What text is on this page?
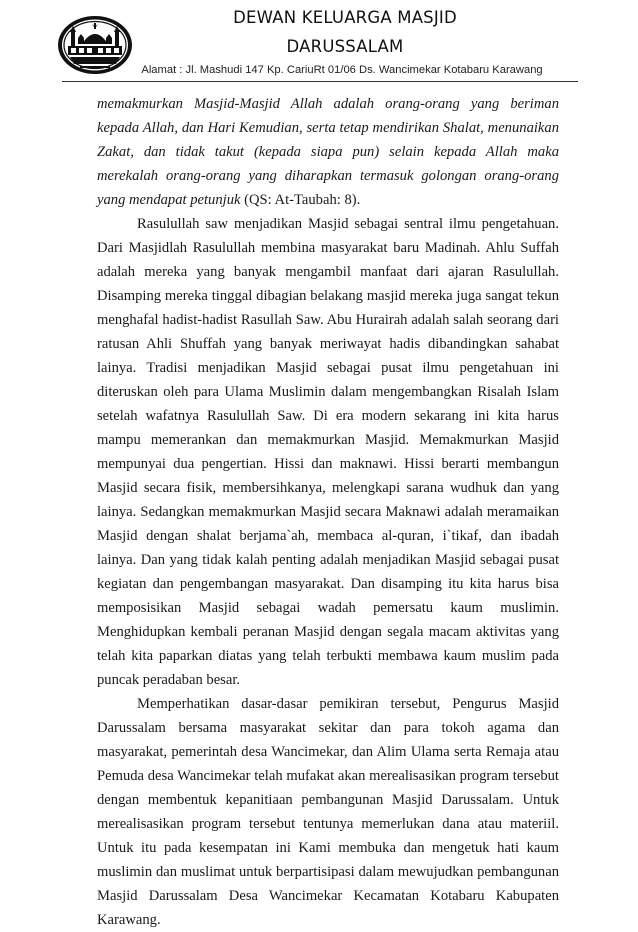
DEWAN KELUARGA MASJID
DARUSSALAM
Alamat : Jl. Mashudi 147 Kp. CariuRt 01/06 Ds. Wancimekar Kotabaru Karawang

memakmurkan Masjid-Masjid Allah adalah orang-orang yang beriman kepada Allah, dan Hari Kemudian, serta tetap mendirikan Shalat, menunaikan Zakat, dan tidak takut (kepada siapa pun) selain kepada Allah maka merekalah orang-orang yang diharapkan termasuk golongan orang-orang yang mendapat petunjuk (QS: At-Taubah: 8).

Rasulullah saw menjadikan Masjid sebagai sentral ilmu pengetahuan. Dari Masjidlah Rasulullah membina masyarakat baru Madinah. Ahlu Suffah adalah mereka yang banyak mengambil manfaat dari ajaran Rasulullah. Disamping mereka tinggal dibagian belakang masjid mereka juga sangat tekun menghafal hadist-hadist Rasullah Saw. Abu Hurairah adalah salah seorang dari ratusan Ahli Shuffah yang banyak meriwayat hadis dibandingkan sahabat lainya. Tradisi menjadikan Masjid sebagai pusat ilmu pengetahuan ini diteruskan oleh para Ulama Muslimin dalam mengembangkan Risalah Islam setelah wafatnya Rasulullah Saw. Di era modern sekarang ini kita harus mampu memerankan dan memakmurkan Masjid. Memakmurkan Masjid mempunyai dua pengertian. Hissi dan maknawi. Hissi berarti membangun Masjid secara fisik, membersihkanya, melengkapi sarana wudhuk dan yang lainya. Sedangkan memakmurkan Masjid secara Maknawi adalah meramaikan Masjid dengan shalat berjama`ah, membaca al-quran, i`tikaf, dan ibadah lainya. Dan yang tidak kalah penting adalah menjadikan Masjid sebagai pusat kegiatan dan pengembangan masyarakat. Dan disamping itu kita harus bisa memposisikan Masjid sebagai wadah pemersatu kaum muslimin. Menghidupkan kembali peranan Masjid dengan segala macam aktivitas yang telah kita paparkan diatas yang telah terbukti membawa kaum muslim pada puncak peradaban besar.

Memperhatikan dasar-dasar pemikiran tersebut, Pengurus Masjid Darussalam bersama masyarakat sekitar dan para tokoh agama dan masyarakat, pemerintah desa Wancimekar, dan Alim Ulama serta Remaja atau Pemuda desa Wancimekar telah mufakat akan merealisasikan program tersebut dengan membentuk kepanitiaan pembangunan Masjid Darussalam. Untuk merealisasikan program tersebut tentunya memerlukan dana atau materiil. Untuk itu pada kesempatan ini Kami membuka dan mengetuk hati kaum muslimin dan muslimat untuk berpartisipasi dalam mewujudkan pembangunan Masjid Darussalam Desa Wancimekar Kecamatan Kotabaru Kabupaten Karawang.
